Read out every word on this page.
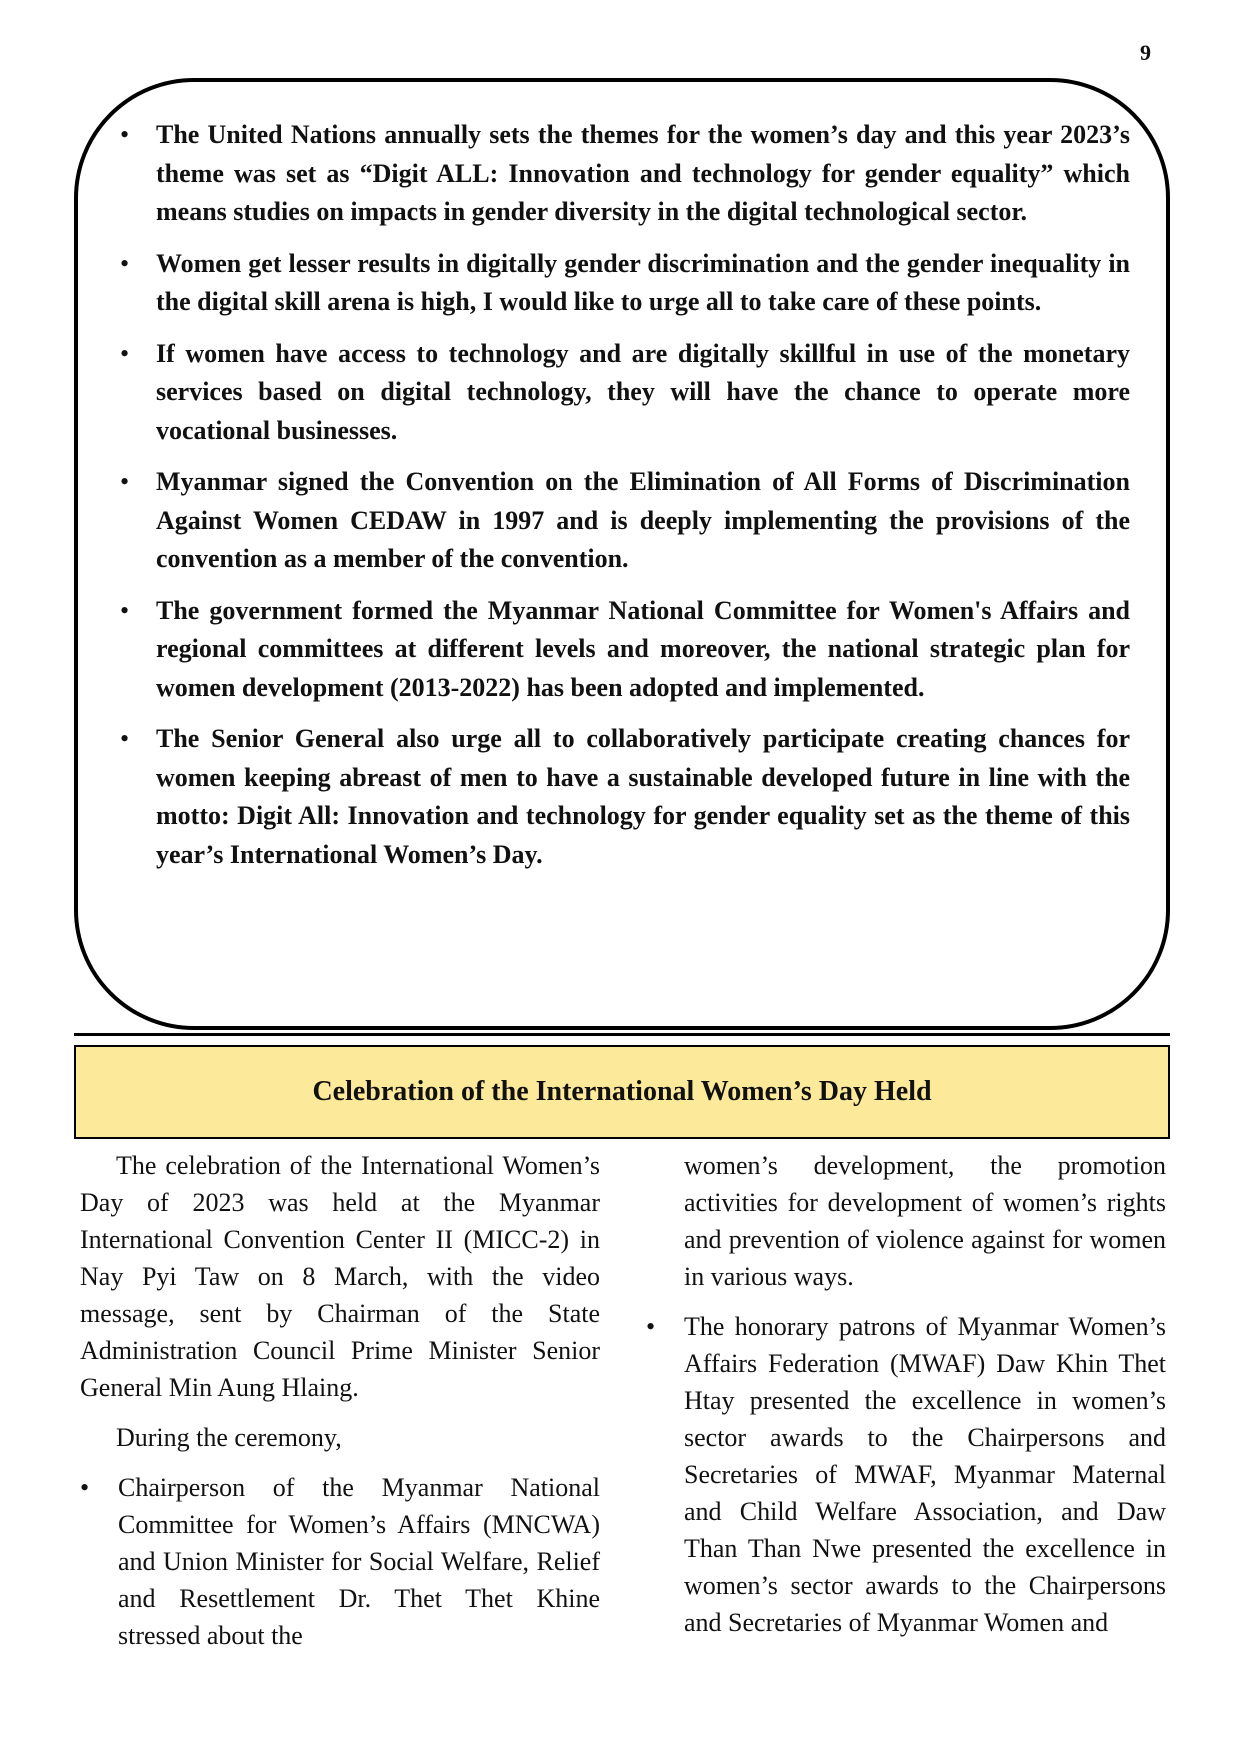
9
• The United Nations annually sets the themes for the women’s day and this year 2023’s theme was set as “Digit ALL: Innovation and technology for gender equality” which means studies on impacts in gender diversity in the digital technological sector.
• Women get lesser results in digitally gender discrimination and the gender inequality in the digital skill arena is high, I would like to urge all to take care of these points.
• If women have access to technology and are digitally skillful in use of the monetary services based on digital technology, they will have the chance to operate more vocational businesses.
• Myanmar signed the Convention on the Elimination of All Forms of Discrimination Against Women CEDAW in 1997 and is deeply implementing the provisions of the convention as a member of the convention.
• The government formed the Myanmar National Committee for Women's Affairs and regional committees at different levels and moreover, the national strategic plan for women development (2013-2022) has been adopted and implemented.
• The Senior General also urge all to collaboratively participate creating chances for women keeping abreast of men to have a sustainable developed future in line with the motto: Digit All: Innovation and technology for gender equality set as the theme of this year’s International Women’s Day.
Celebration of the International Women’s Day Held

The celebration of the International Women’s Day of 2023 was held at the Myanmar International Convention Center II (MICC-2) in Nay Pyi Taw on 8 March, with the video message, sent by Chairman of the State Administration Council Prime Minister Senior General Min Aung Hlaing.

During the ceremony,

• Chairperson of the Myanmar National Committee for Women’s Affairs (MNCWA) and Union Minister for Social Welfare, Relief and Resettlement Dr. Thet Thet Khine stressed about the

women’s development, the promotion activities for development of women’s rights and prevention of violence against for women in various ways.

• The honorary patrons of Myanmar Women’s Affairs Federation (MWAF) Daw Khin Thet Htay presented the excellence in women’s sector awards to the Chairpersons and Secretaries of MWAF, Myanmar Maternal and Child Welfare Association, and Daw Than Than Nwe presented the excellence in women’s sector awards to the Chairpersons and Secretaries of Myanmar Women and
